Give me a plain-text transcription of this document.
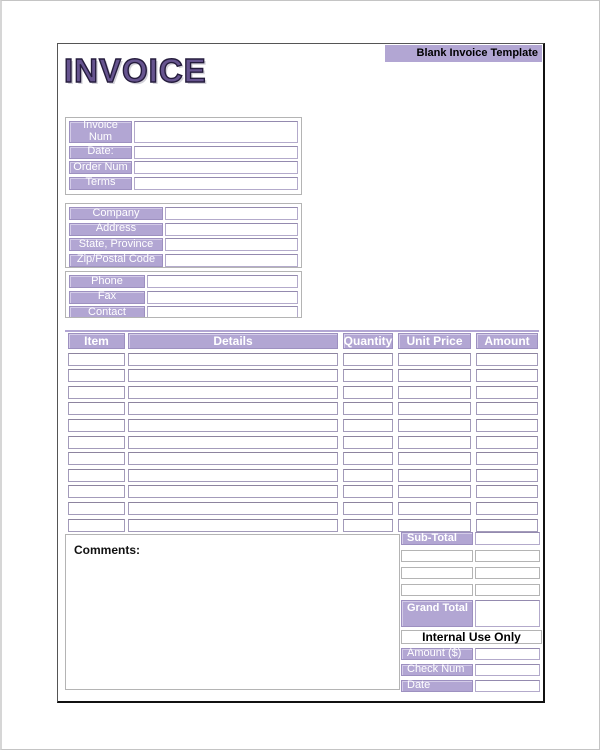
Blank Invoice Template
INVOICE
Invoice Num
Date:
Order Num
Terms
Company
Address
State, Province
Zip/Postal Code
Phone
Fax
Contact
Item	Details	Quantity	Unit Price	Amount
Comments:
Sub-Total
Grand Total
Internal Use Only
Amount ($)
Check Num
Date
